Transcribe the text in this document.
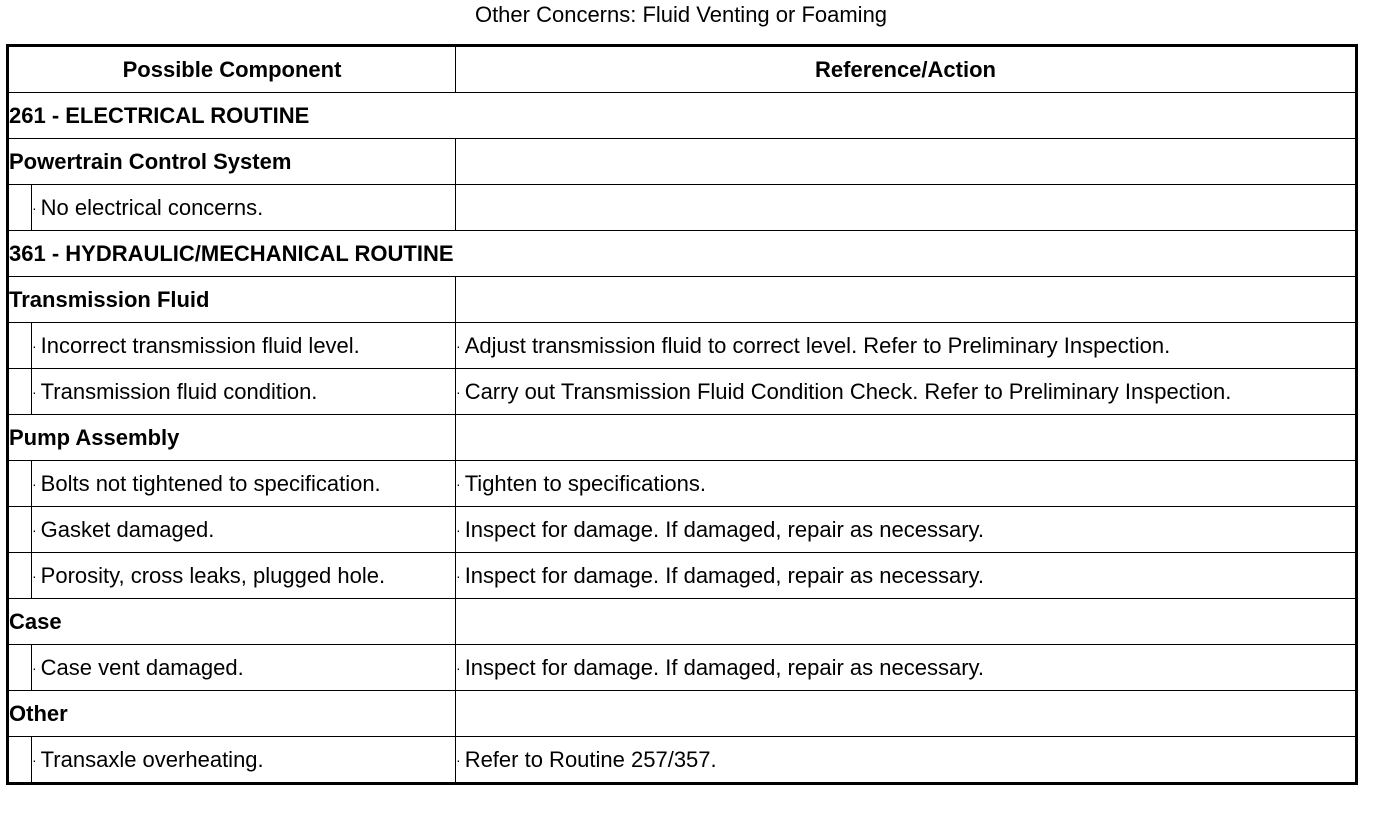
Other Concerns: Fluid Venting or Foaming
Possible Component		Reference/Action
261 - ELECTRICAL ROUTINE		
Powertrain Control System		
	· No electrical concerns.	
361 - HYDRAULIC/MECHANICAL ROUTINE		
Transmission Fluid		
	· Incorrect transmission fluid level.	· Adjust transmission fluid to correct level. Refer to Preliminary Inspection.
	· Transmission fluid condition.	· Carry out Transmission Fluid Condition Check. Refer to Preliminary Inspection.
Pump Assembly		
	· Bolts not tightened to specification.	· Tighten to specifications.
	· Gasket damaged.	· Inspect for damage. If damaged, repair as necessary.
	· Porosity, cross leaks, plugged hole.	· Inspect for damage. If damaged, repair as necessary.
Case		
	· Case vent damaged.	· Inspect for damage. If damaged, repair as necessary.
Other		
	· Transaxle overheating.	· Refer to Routine 257/357.
